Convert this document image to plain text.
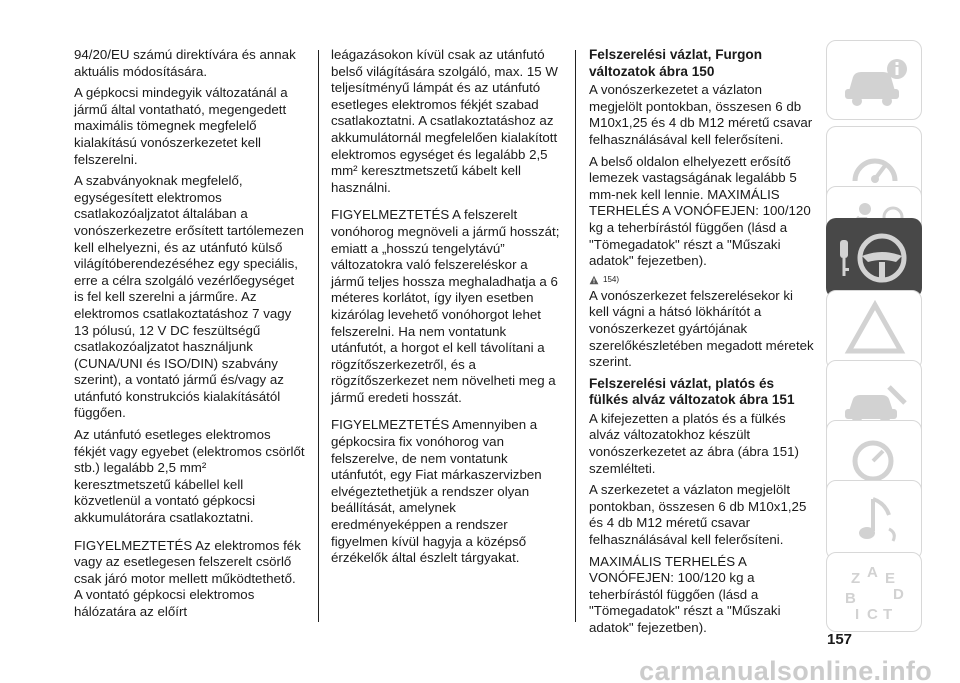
94/20/EU számú direktívára és annak aktuális módosítására.

A gépkocsi mindegyik változatánál a jármű által vontatható, megengedett maximális tömegnek megfelelő kialakítású vonószerkezetet kell felszerelni.

A szabványoknak megfelelő, egységesített elektromos csatlakozóaljzatot általában a vonószerkezetre erősített tartólemezen kell elhelyezni, és az utánfutó külső világítóberendezéséhez egy speciális, erre a célra szolgáló vezérlőegységet is fel kell szerelni a járműre. Az elektromos csatlakoztatáshoz 7 vagy 13 pólusú, 12 V DC feszültségű csatlakozóaljzatot használjunk (CUNA/UNI és ISO/DIN) szabvány szerint), a vontató jármű és/vagy az utánfutó konstrukciós kialakításától függően.

Az utánfutó esetleges elektromos fékjét vagy egyebet (elektromos csörlőt stb.) legalább 2,5 mm² keresztmetszetű kábellel kell közvetlenül a vontató gépkocsi akkumulátorára csatlakoztatni.

FIGYELMEZTETÉS Az elektromos fék vagy az esetlegesen felszerelt csörlő csak járó motor mellett működtethető. A vontató gépkocsi elektromos hálózatára az előírt

leágazásokon kívül csak az utánfutó belső világítására szolgáló, max. 15 W teljesítményű lámpát és az utánfutó esetleges elektromos fékjét szabad csatlakoztatni. A csatlakoztatáshoz az akkumulátornál megfelelően kialakított elektromos egységet és legalább 2,5 mm² keresztmetszetű kábelt kell használni.

FIGYELMEZTETÉS A felszerelt vonóhorog megnöveli a jármű hosszát; emiatt a „hosszú tengelytávú” változatokra való felszereléskor a jármű teljes hossza meghaladhatja a 6 méteres korlátot, így ilyen esetben kizárólag levehető vonóhorgot lehet felszerelni. Ha nem vontatunk utánfutót, a horgot el kell távolítani a rögzítőszerkezetről, és a rögzítőszerkezet nem növelheti meg a jármű eredeti hosszát.

FIGYELMEZTETÉS Amennyiben a gépkocsira fix vonóhorog van felszerelve, de nem vontatunk utánfutót, egy Fiat márkaszervizben elvégeztethetjük a rendszer olyan beállítását, amelynek eredményeképpen a rendszer figyelmen kívül hagyja a középső érzékelők által észlelt tárgyakat.

Felszerelési vázlat, Furgon változatok ábra 150

A vonószerkezetet a vázlaton megjelölt pontokban, összesen 6 db M10x1,25 és 4 db M12 méretű csavar felhasználásával kell felerősíteni.

A belső oldalon elhelyezett erősítő lemezek vastagságának legalább 5 mm-nek kell lennie. MAXIMÁLIS TERHELÉS A VONÓFEJEN: 100/120 kg a teherbírástól függően (lásd a "Tömegadatok" részt a "Műszaki adatok" fejezetben).

154)

A vonószerkezet felszerelésekor ki kell vágni a hátsó lökhárítót a vonószerkezet gyártójának szerelőkészletében megadott méretek szerint.

Felszerelési vázlat, platós és fülkés alváz változatok ábra 151

A kifejezetten a platós és a fülkés alváz változatokhoz készült vonószerkezetet az ábra (ábra 151) szemlélteti.

A szerkezetet a vázlaton megjelölt pontokban, összesen 6 db M10x1,25 és 4 db M12 méretű csavar felhasználásával kell felerősíteni.

MAXIMÁLIS TERHELÉS A VONÓFEJEN: 100/120 kg a teherbírástól függően (lásd a "Tömegadatok" részt a "Műszaki adatok" fejezetben).

Z A E
B D
I C T
157
carmanualsonline.info
